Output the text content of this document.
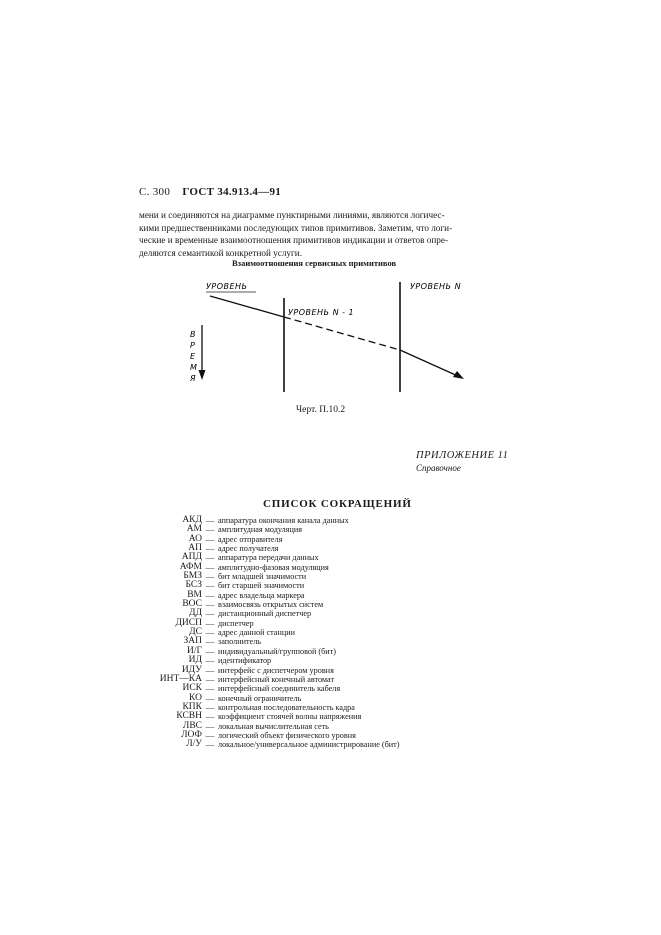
С. 300 ГОСТ 34.913.4—91
мени и соединяются на диаграмме пунктирными линиями, являются логичес-
кими предшественниками последующих типов примитивов. Заметим, что логи-
ческие и временные взаимоотношения примитивов индикации и ответов опре-
деляются семантикой конкретной услуги.
Взаимоотношения сервисных примитивов
УРОВЕНЬ
УРОВЕНЬ N - 1
УРОВЕНЬ N
В
Р
Е
М
Я
Черт. П.10.2
ПРИЛОЖЕНИЕ 11
Справочное
СПИСОК СОКРАЩЕНИЙ
АКД — аппаратура окончания канала данных
АМ — амплитудная модуляция
АО — адрес отправителя
АП — адрес получателя
АПД — аппаратура передачи данных
АФМ — амплитудно-фазовая модуляция
БМЗ — бит младшей значимости
БСЗ — бит старшей значимости
ВМ — адрес владельца маркера
ВОС — взаимосвязь открытых систем
ДД — дистанционный диспетчер
ДИСП — диспетчер
ДС — адрес данной станции
ЗАП — заполнитель
И/Г — индивидуальный/групповой (бит)
ИД — идентификатор
ИДУ — интерфейс с диспетчером уровня
ИНТ—КА — интерфейсный конечный автомат
ИСК — интерфейсный соединитель кабеля
КО — конечный ограничитель
КПК — контрольная последовательность кадра
КСВН — коэффициент стоячей волны напряжения
ЛВС — локальная вычислительная сеть
ЛОФ — логический объект физического уровня
Л/У — локальное/универсальное администрирование (бит)
